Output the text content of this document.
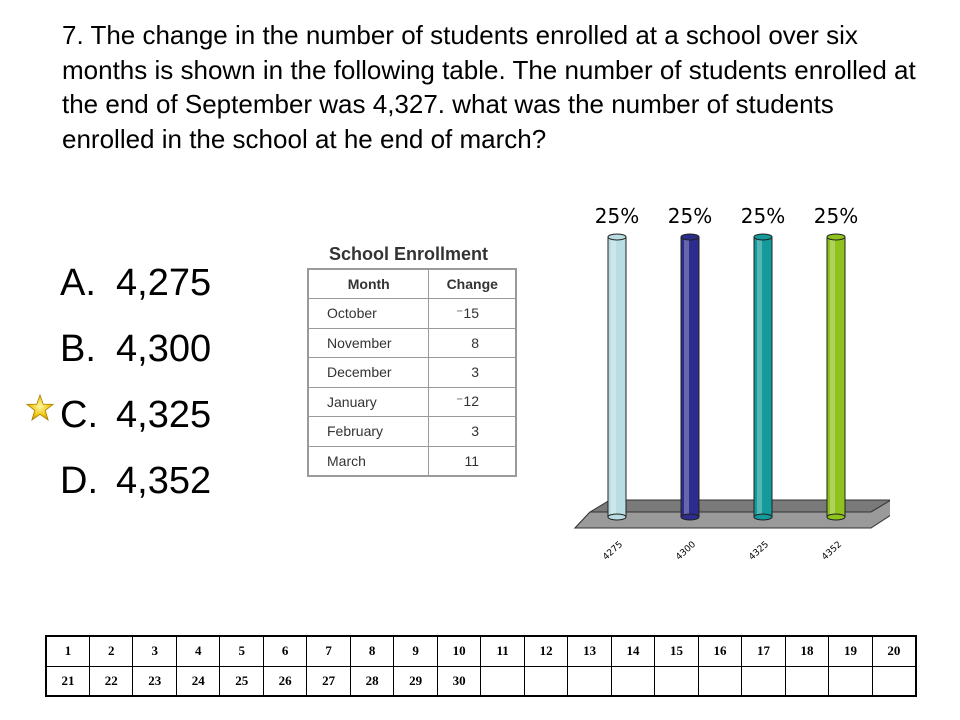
7. The change in the number of students enrolled at a school over six months is shown in the following table. The number of students enrolled at the end of September was 4,327. what was the number of students enrolled in the school at he end of march?
A. 4,275
B. 4,300
C. 4,325
D. 4,352
School Enrollment
Month	Change
October	⁻15
November	8
December	3
January	⁻12
February	3
March	11
25%
4275
25%
4300
25%
4325
25%
4352
1	2	3	4	5	6	7	8	9	10	11	12	13	14	15	16	17	18	19	20
21	22	23	24	25	26	27	28	29	30										
